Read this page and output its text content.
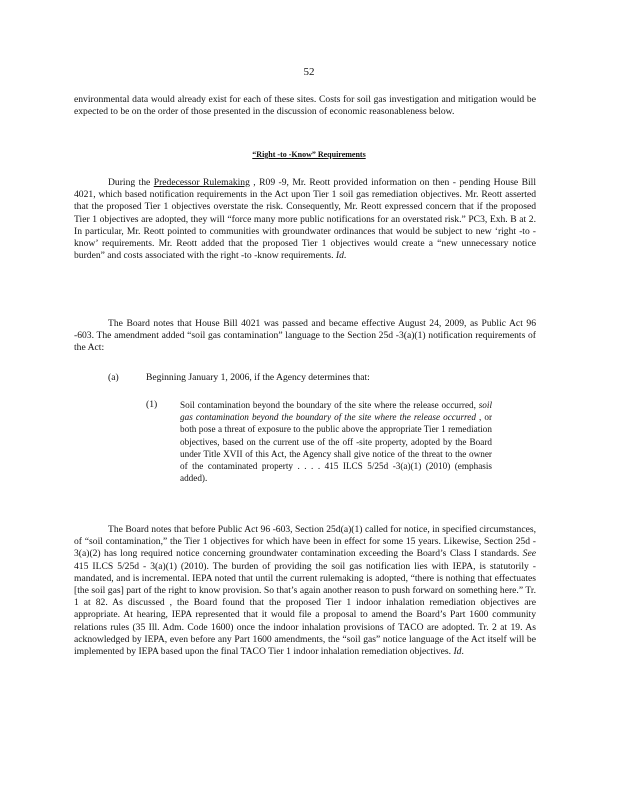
52

environmental data would already exist for each of these sites. Costs for soil gas investigation and mitigation would be expected to be on the order of those presented in the discussion of economic reasonableness below.

“Right -to -Know” Requirements

During the Predecessor Rulemaking , R09 -9, Mr. Reott provided information on then - pending House Bill 4021, which based notification requirements in the Act upon Tier 1 soil gas remediation objectives. Mr. Reott asserted that the proposed Tier 1 objectives overstate the risk. Consequently, Mr. Reott expressed concern that if the proposed Tier 1 objectives are adopted, they will “force many more public notifications for an overstated risk.” PC3, Exh. B at 2. In particular, Mr. Reott pointed to communities with groundwater ordinances that would be subject to new ‘right -to -know’ requirements. Mr. Reott added that the proposed Tier 1 objectives would create a “new unnecessary notice burden” and costs associated with the right -to -know requirements. Id.

The Board notes that House Bill 4021 was passed and became effective August 24, 2009, as Public Act 96 -603. The amendment added “soil gas contamination” language to the Section 25d -3(a)(1) notification requirements of the Act:

(a)	Beginning January 1, 2006, if the Agency determines that:
(1) Soil contamination beyond the boundary of the site where the release occurred, soil gas contamination beyond the boundary of the site where the release occurred , or both pose a threat of exposure to the public above the appropriate Tier 1 remediation objectives, based on the current use of the off -site property, adopted by the Board under Title XVII of this Act, the Agency shall give notice of the threat to the owner of the contaminated property . . . . 415 ILCS 5/25d -3(a)(1) (2010) (emphasis added).

The Board notes that before Public Act 96 -603, Section 25d(a)(1) called for notice, in specified circumstances, of “soil contamination,” the Tier 1 objectives for which have been in effect for some 15 years. Likewise, Section 25d - 3(a)(2) has long required notice concerning groundwater contamination exceeding the Board’s Class I standards. See 415 ILCS 5/25d - 3(a)(1) (2010). The burden of providing the soil gas notification lies with IEPA, is statutorily - mandated, and is incremental. IEPA noted that until the current rulemaking is adopted, “there is nothing that effectuates [the soil gas] part of the right to know provision. So that’s again another reason to push forward on something here.” Tr. 1 at 82. As discussed , the Board found that the proposed Tier 1 indoor inhalation remediation objectives are appropriate. At hearing, IEPA represented that it would file a proposal to amend the Board’s Part 1600 community relations rules (35 Ill. Adm. Code 1600) once the indoor inhalation provisions of TACO are adopted. Tr. 2 at 19. As acknowledged by IEPA, even before any Part 1600 amendments, the “soil gas” notice language of the Act itself will be implemented by IEPA based upon the final TACO Tier 1 indoor inhalation remediation objectives. Id.
